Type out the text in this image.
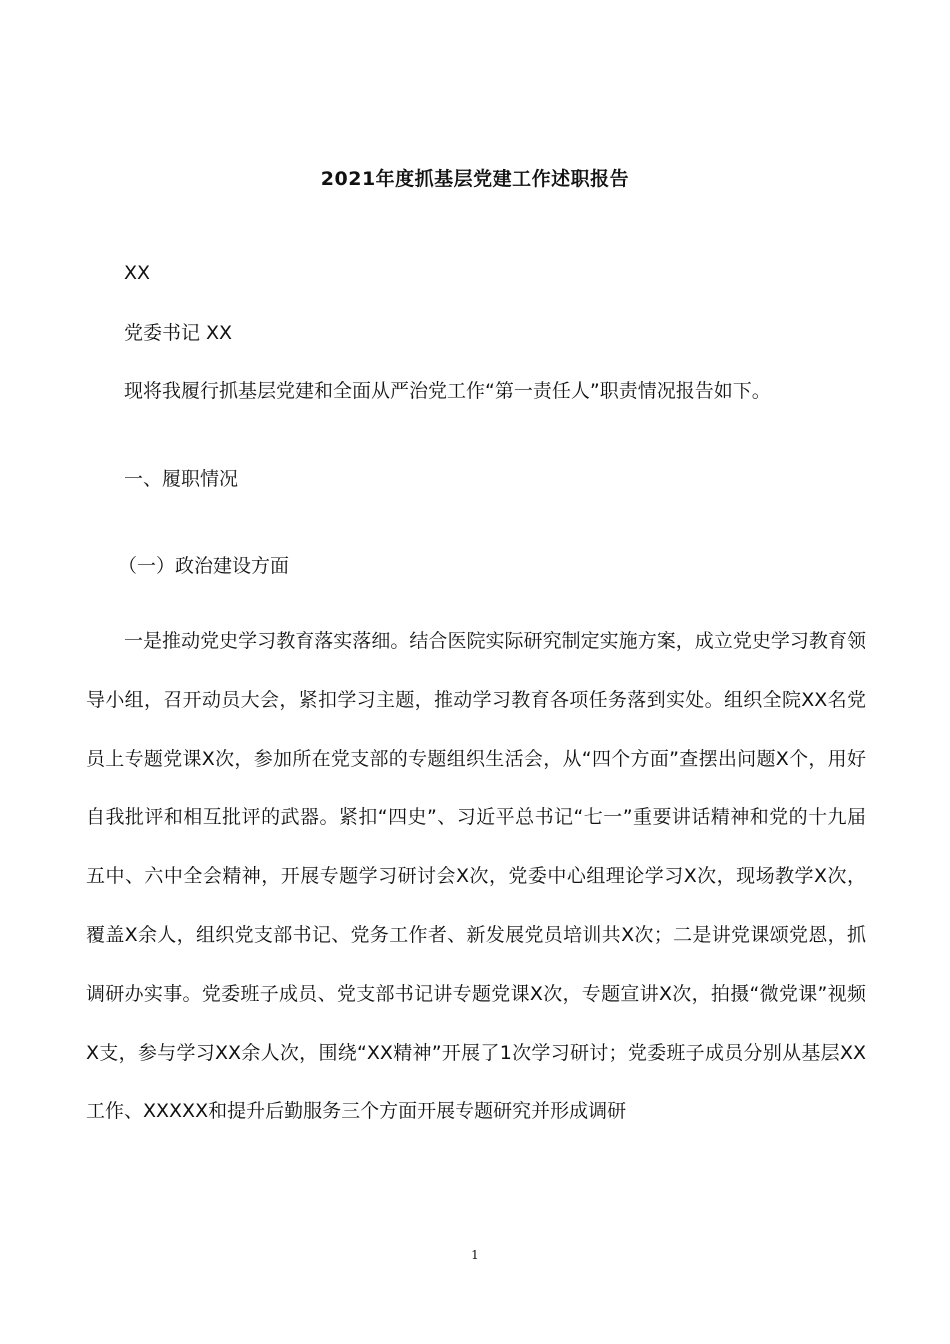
2021年度抓基层党建工作述职报告
XX
党委书记 XX
现将我履行抓基层党建和全面从严治党工作“第一责任人”职责情况报告如下。
一、履职情况
（一）政治建设方面
一是推动党史学习教育落实落细。结合医院实际研究制定实施方案，成立党史学习教育领导小组，召开动员大会，紧扣学习主题，推动学习教育各项任务落到实处。组织全院XX名党员上专题党课X次，参加所在党支部的专题组织生活会，从“四个方面”查摆出问题X个，用好自我批评和相互批评的武器。紧扣“四史”、习近平总书记“七一”重要讲话精神和党的十九届五中、六中全会精神，开展专题学习研讨会X次，党委中心组理论学习X次，现场教学X次，覆盖X余人，组织党支部书记、党务工作者、新发展党员培训共X次；二是讲党课颂党恩，抓调研办实事。党委班子成员、党支部书记讲专题党课X次，专题宣讲X次，拍摄“微党课”视频X支，参与学习XX余人次，围绕“XX精神”开展了1次学习研讨；党委班子成员分别从基层XX工作、XXXXX和提升后勤服务三个方面开展专题研究并形成调研
1
